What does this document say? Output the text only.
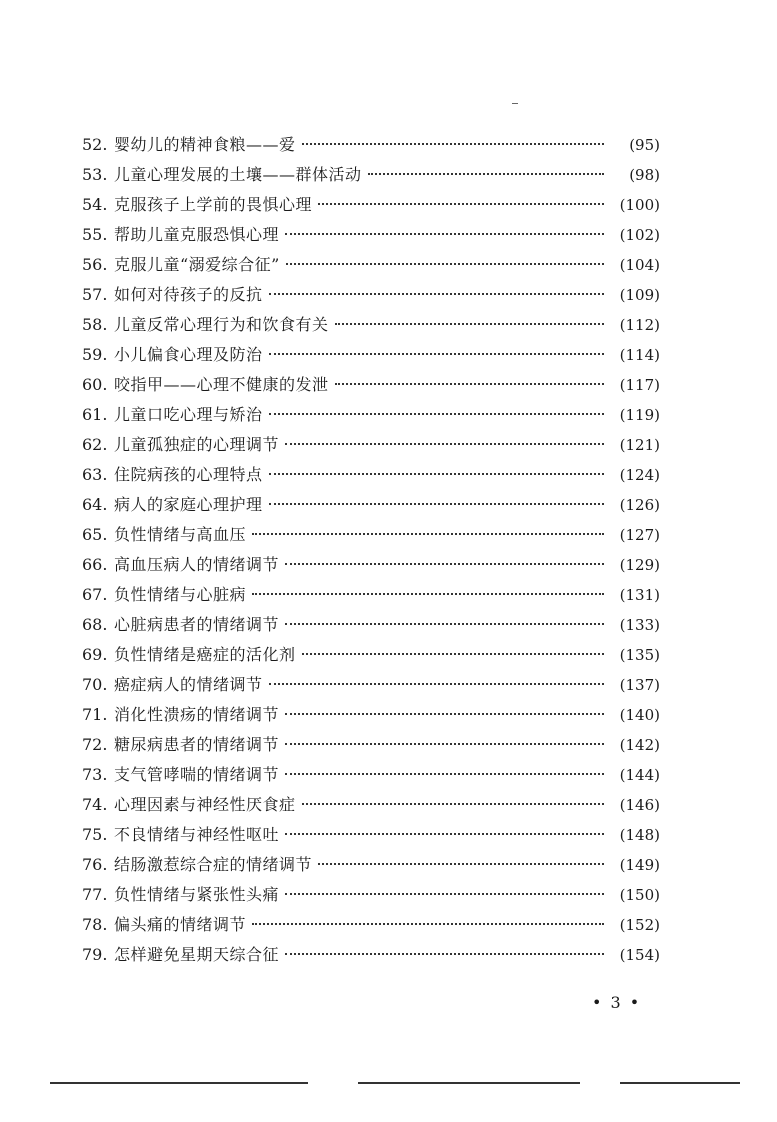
52. 婴幼儿的精神食粮——爱	(95)
53. 儿童心理发展的土壤——群体活动	(98)
54. 克服孩子上学前的畏惧心理	(100)
55. 帮助儿童克服恐惧心理	(102)
56. 克服儿童“溺爱综合征”	(104)
57. 如何对待孩子的反抗	(109)
58. 儿童反常心理行为和饮食有关	(112)
59. 小儿偏食心理及防治	(114)
60. 咬指甲——心理不健康的发泄	(117)
61. 儿童口吃心理与矫治	(119)
62. 儿童孤独症的心理调节	(121)
63. 住院病孩的心理特点	(124)
64. 病人的家庭心理护理	(126)
65. 负性情绪与高血压	(127)
66. 高血压病人的情绪调节	(129)
67. 负性情绪与心脏病	(131)
68. 心脏病患者的情绪调节	(133)
69. 负性情绪是癌症的活化剂	(135)
70. 癌症病人的情绪调节	(137)
71. 消化性溃疡的情绪调节	(140)
72. 糖尿病患者的情绪调节	(142)
73. 支气管哮喘的情绪调节	(144)
74. 心理因素与神经性厌食症	(146)
75. 不良情绪与神经性呕吐	(148)
76. 结肠激惹综合症的情绪调节	(149)
77. 负性情绪与紧张性头痛	(150)
78. 偏头痛的情绪调节	(152)
79. 怎样避免星期天综合征	(154)
• 3 •
